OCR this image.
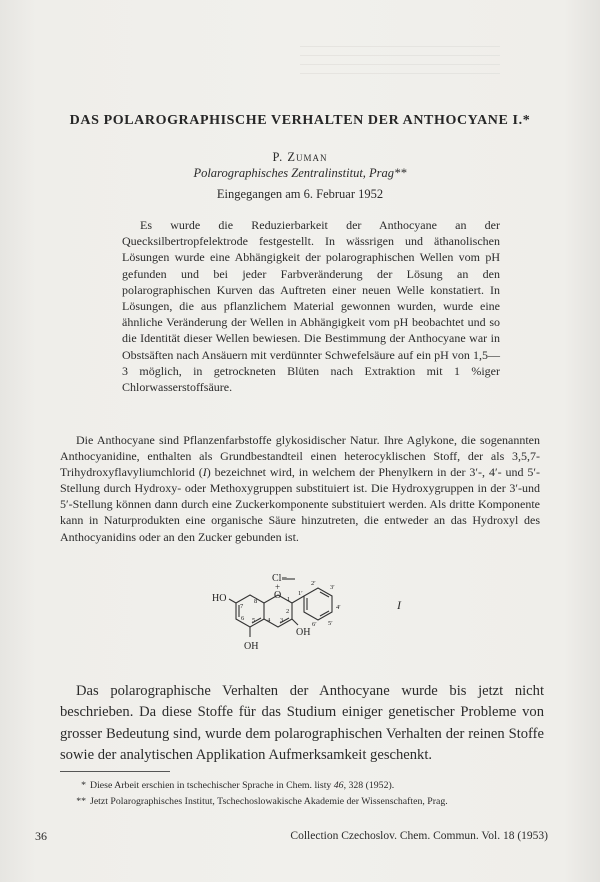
DAS POLAROGRAPHISCHE VERHALTEN DER ANTHOCYANE I.*
P. Zuman
Polarographisches Zentralinstitut, Prag**
Eingegangen am 6. Februar 1952
Es wurde die Reduzierbarkeit der Anthocyane an der Quecksilbertropfelektrode festgestellt. In wässrigen und äthanolischen Lösungen wurde eine Abhängigkeit der polarographischen Wellen vom pH gefunden und bei jeder Farbveränderung der Lösung an den polarographischen Kurven das Auftreten einer neuen Welle konstatiert. In Lösungen, die aus pflanzlichem Material gewonnen wurden, wurde eine ähnliche Veränderung der Wellen in Abhängigkeit vom pH beobachtet und so die Identität dieser Wellen bewiesen. Die Bestimmung der Anthocyane war in Obstsäften nach Ansäuern mit verdünnter Schwefelsäure auf ein pH von 1,5—3 möglich, in getrockneten Blüten nach Extraktion mit 1 %iger Chlorwasserstoffsäure.
Die Anthocyane sind Pflanzenfarbstoffe glykosidischer Natur. Ihre Aglykone, die sogenannten Anthocyanidine, enthalten als Grundbestandteil einen heterocyklischen Stoff, der als 3,5,7-Trihydroxyflavyliumchlorid (I) bezeichnet wird, in welchem der Phenylkern in der 3′-, 4′- und 5′-Stellung durch Hydroxy- oder Methoxygruppen substituiert ist. Die Hydroxygruppen in der 3′-und 5′-Stellung können dann durch eine Zuckerkomponente substituiert werden. Als dritte Komponente kann in Naturprodukten eine organische Säure hinzutreten, die entweder an das Hydroxyl des Anthocyanidins oder an den Zucker gebunden ist.
Cl−
+
O
HO
OH
OH
1
2
3
4
5
6
7
8
1′
2′
3′
4′
5′
6′
I
Das polarographische Verhalten der Anthocyane wurde bis jetzt nicht beschrieben. Da diese Stoffe für das Studium einiger genetischer Probleme von grosser Bedeutung sind, wurde dem polarographischen Verhalten der reinen Stoffe sowie der analytischen Applikation Aufmerksamkeit geschenkt.
* Diese Arbeit erschien in tschechischer Sprache in Chem. listy 46, 328 (1952).
** Jetzt Polarographisches Institut, Tschechoslowakische Akademie der Wissenschaften, Prag.
36	Collection Czechoslov. Chem. Commun. Vol. 18 (1953)
